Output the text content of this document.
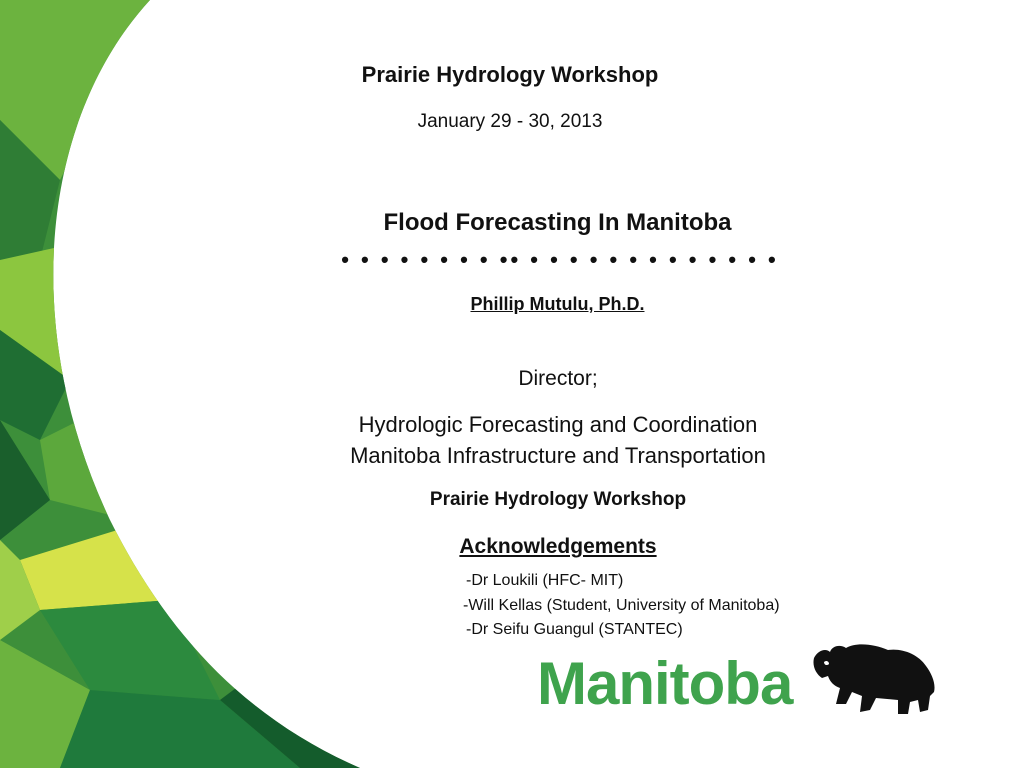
Prairie Hydrology Workshop

January 29 - 30, 2013

Flood Forecasting In Manitoba

• • • • • • • • •• • • • • • • • • • • • • •

Phillip Mutulu, Ph.D.

Director;

Hydrologic Forecasting and Coordination

Manitoba Infrastructure and Transportation

Prairie Hydrology Workshop

Acknowledgements

-Dr Loukili (HFC- MIT)

-Will Kellas (Student, University of Manitoba)

-Dr Seifu Guangul (STANTEC)

Manitoba
